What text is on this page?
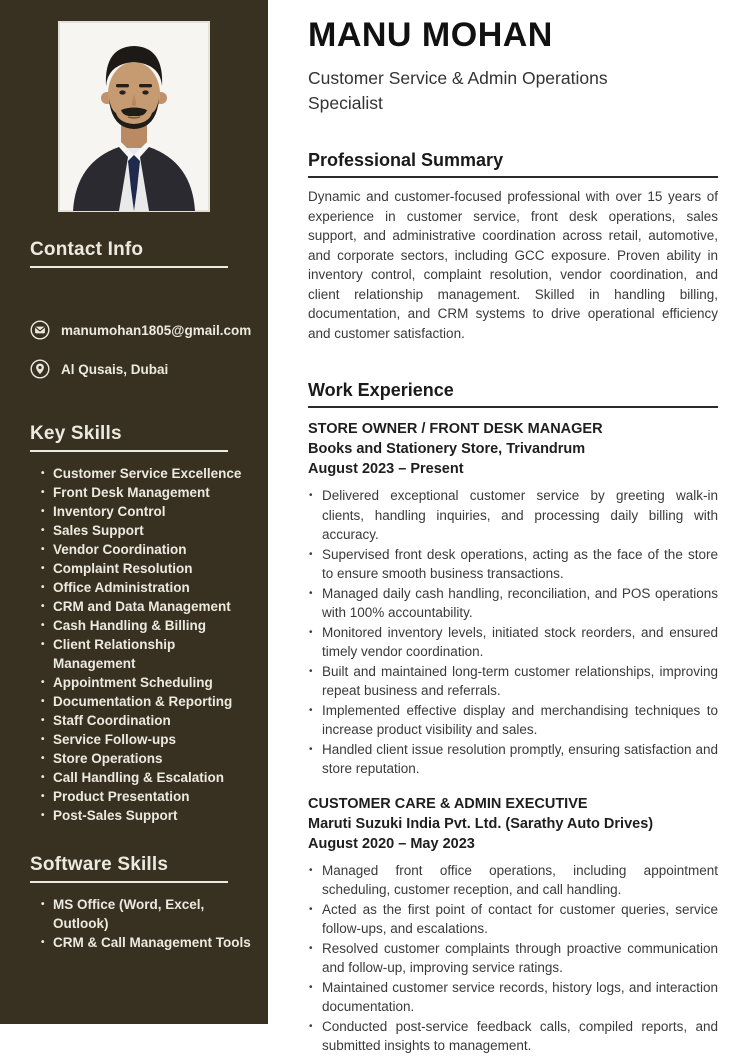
Contact Info
manumohan1805@gmail.com
Al Qusais, Dubai
Key Skills
• Customer Service Excellence
• Front Desk Management
• Inventory Control
• Sales Support
• Vendor Coordination
• Complaint Resolution
• Office Administration
• CRM and Data Management
• Cash Handling & Billing
• Client Relationship Management
• Appointment Scheduling
• Documentation & Reporting
• Staff Coordination
• Service Follow-ups
• Store Operations
• Call Handling & Escalation
• Product Presentation
• Post-Sales Support
Software Skills
• MS Office (Word, Excel, Outlook)
• CRM & Call Management Tools
MANU MOHAN

Customer Service & Admin Operations Specialist

Professional Summary

Dynamic and customer-focused professional with over 15 years of experience in customer service, front desk operations, sales support, and administrative coordination across retail, automotive, and corporate sectors, including GCC exposure. Proven ability in inventory control, complaint resolution, vendor coordination, and client relationship management. Skilled in handling billing, documentation, and CRM systems to drive operational efficiency and customer satisfaction.

Work Experience

STORE OWNER / FRONT DESK MANAGER

Books and Stationery Store, Trivandrum

August 2023 – Present

• Delivered exceptional customer service by greeting walk-in clients, handling inquiries, and processing daily billing with accuracy.
• Supervised front desk operations, acting as the face of the store to ensure smooth business transactions.
• Managed daily cash handling, reconciliation, and POS operations with 100% accountability.
• Monitored inventory levels, initiated stock reorders, and ensured timely vendor coordination.
• Built and maintained long-term customer relationships, improving repeat business and referrals.
• Implemented effective display and merchandising techniques to increase product visibility and sales.
• Handled client issue resolution promptly, ensuring satisfaction and store reputation.

CUSTOMER CARE & ADMIN EXECUTIVE

Maruti Suzuki India Pvt. Ltd. (Sarathy Auto Drives)

August 2020 – May 2023

• Managed front office operations, including appointment scheduling, customer reception, and call handling.
• Acted as the first point of contact for customer queries, service follow-ups, and escalations.
• Resolved customer complaints through proactive communication and follow-up, improving service ratings.
• Maintained customer service records, history logs, and interaction documentation.
• Conducted post-service feedback calls, compiled reports, and submitted insights to management.
